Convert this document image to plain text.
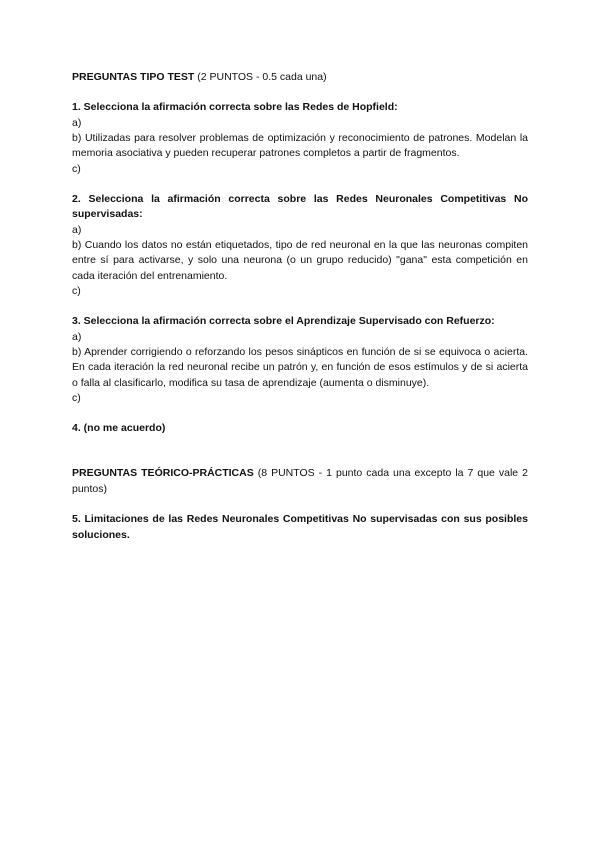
PREGUNTAS TIPO TEST (2 PUNTOS - 0.5 cada una)

1. Selecciona la afirmación correcta sobre las Redes de Hopfield:

a)

b) Utilizadas para resolver problemas de optimización y reconocimiento de patrones. Modelan la memoria asociativa y pueden recuperar patrones completos a partir de fragmentos.

c)

2. Selecciona la afirmación correcta sobre las Redes Neuronales Competitivas No supervisadas:

a)

b) Cuando los datos no están etiquetados, tipo de red neuronal en la que las neuronas compiten entre sí para activarse, y solo una neurona (o un grupo reducido) "gana" esta competición en cada iteración del entrenamiento.

c)

3. Selecciona la afirmación correcta sobre el Aprendizaje Supervisado con Refuerzo:

a)

b) Aprender corrigiendo o reforzando los pesos sinápticos en función de si se equivoca o acierta. En cada iteración la red neuronal recibe un patrón y, en función de esos estímulos y de si acierta o falla al clasificarlo, modifica su tasa de aprendizaje (aumenta o disminuye).

c)

4. (no me acuerdo)

PREGUNTAS TEÓRICO-PRÁCTICAS (8 PUNTOS - 1 punto cada una excepto la 7 que vale 2 puntos)

5. Limitaciones de las Redes Neuronales Competitivas No supervisadas con sus posibles soluciones.
